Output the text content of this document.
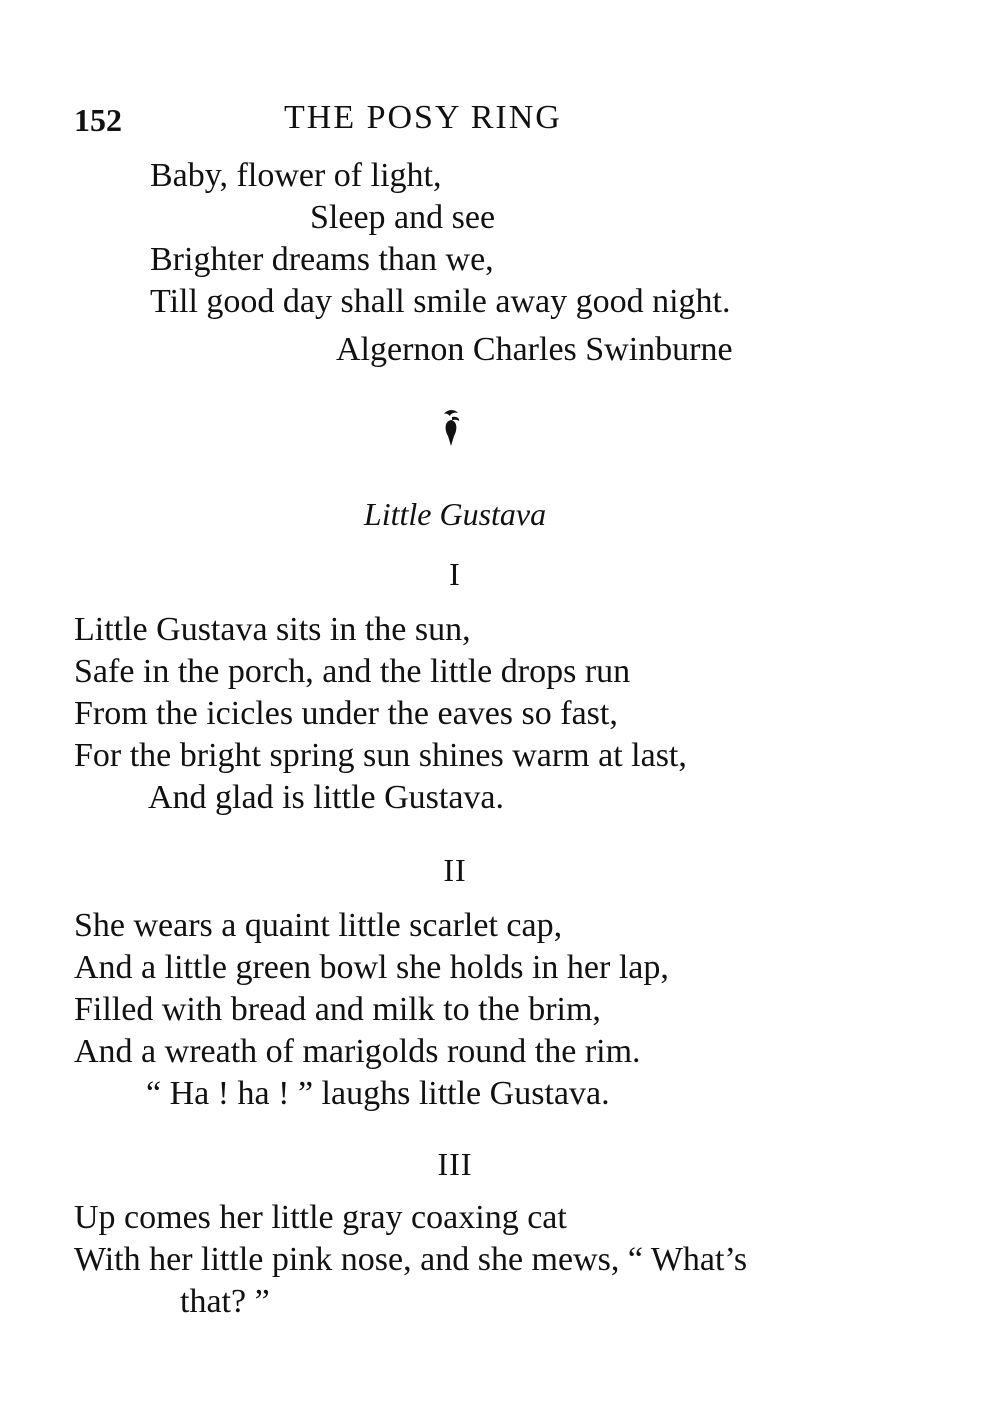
152	THE POSY RING
Baby, flower of light,
Sleep and see
Brighter dreams than we,
Till good day shall smile away good night.
Algernon Charles Swinburne
Little Gustava
I
Little Gustava sits in the sun,
Safe in the porch, and the little drops run
From the icicles under the eaves so fast,
For the bright spring sun shines warm at last,
And glad is little Gustava.
II
She wears a quaint little scarlet cap,
And a little green bowl she holds in her lap,
Filled with bread and milk to the brim,
And a wreath of marigolds round the rim.
“ Ha ! ha ! ” laughs little Gustava.
III
Up comes her little gray coaxing cat
With her little pink nose, and she mews, “ What’s
that? ”
